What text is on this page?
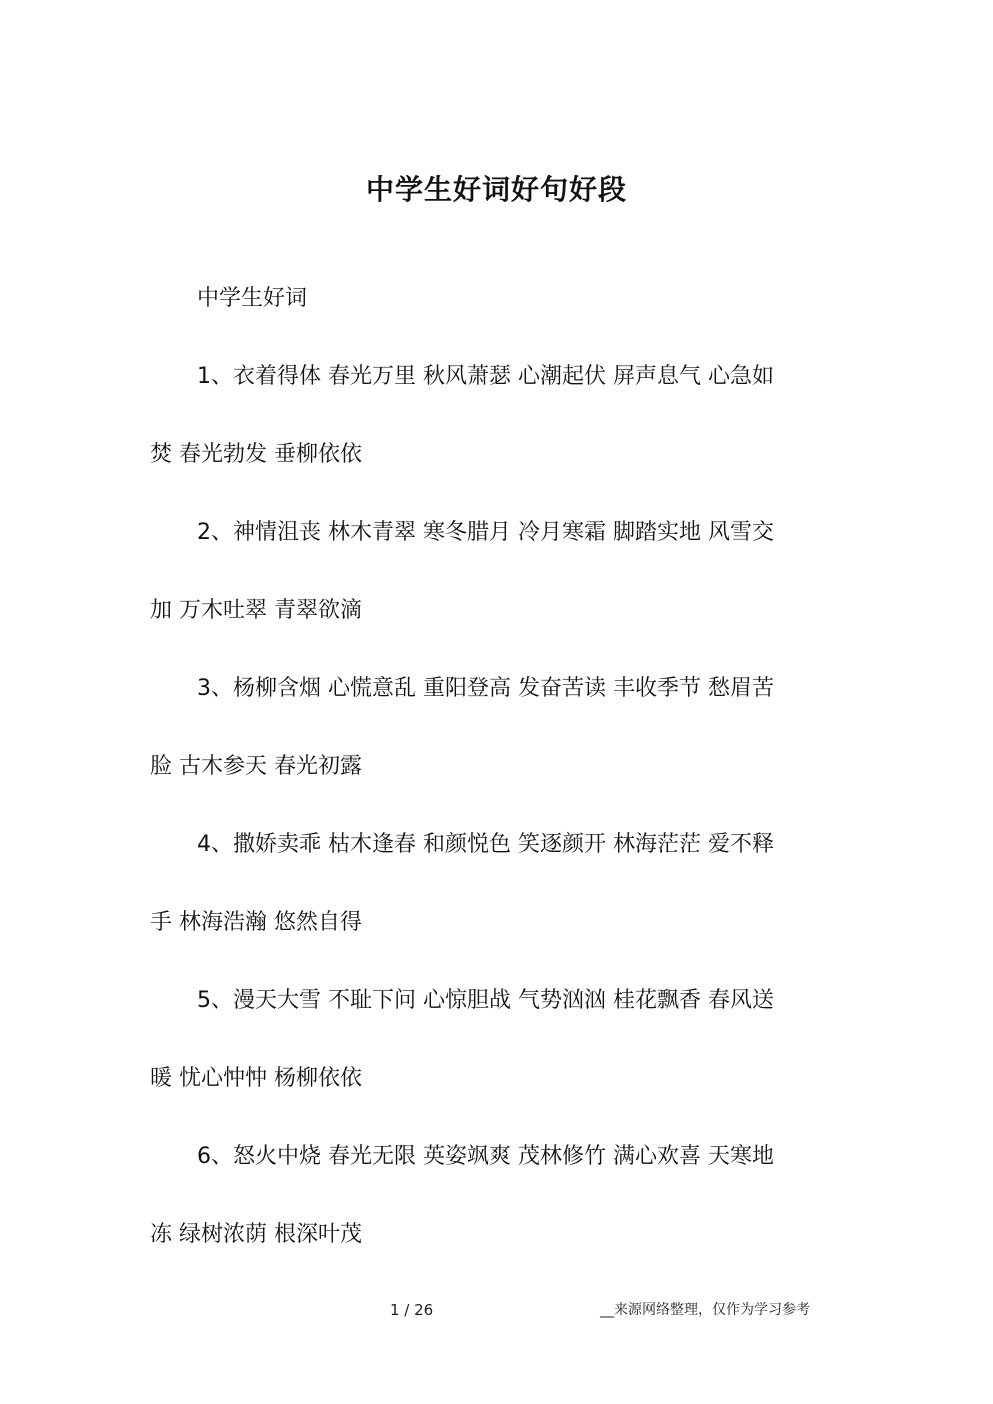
中学生好词好句好段
中学生好词
1、衣着得体 春光万里 秋风萧瑟 心潮起伏 屏声息气 心急如
焚 春光勃发 垂柳依依
2、神情沮丧 林木青翠 寒冬腊月 冷月寒霜 脚踏实地 风雪交
加 万木吐翠 青翠欲滴
3、杨柳含烟 心慌意乱 重阳登高 发奋苦读 丰收季节 愁眉苦
脸 古木参天 春光初露
4、撒娇卖乖 枯木逢春 和颜悦色 笑逐颜开 林海茫茫 爱不释
手 林海浩瀚 悠然自得
5、漫天大雪 不耻下问 心惊胆战 气势汹汹 桂花飘香 春风送
暖 忧心忡忡 杨柳依依
6、怒火中烧 春光无限 英姿飒爽 茂林修竹 满心欢喜 天寒地
冻 绿树浓荫 根深叶茂
1 / 26	__来源网络整理，仅作为学习参考
